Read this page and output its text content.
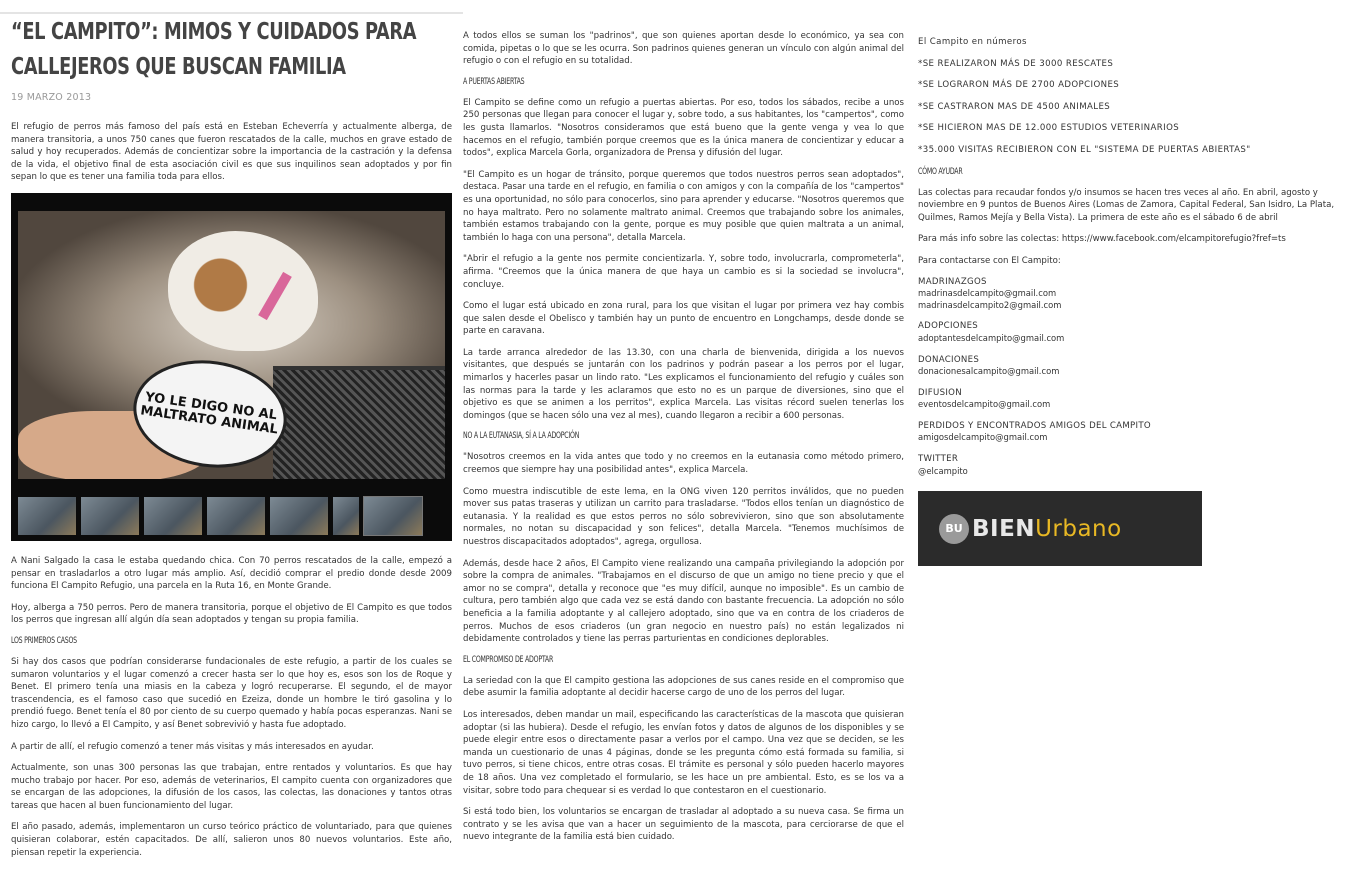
“EL CAMPITO”: MIMOS Y CUIDADOS PARA CALLEJEROS QUE BUSCAN FAMILIA
19 MARZO 2013

El refugio de perros más famoso del país está en Esteban Echeverría y actualmente alberga, de manera transitoria, a unos 750 canes que fueron rescatados de la calle, muchos en grave estado de salud y hoy recuperados. Además de concientizar sobre la importancia de la castración y la defensa de la vida, el objetivo final de esta asociación civil es que sus inquilinos sean adoptados y por fin sepan lo que es tener una familia toda para ellos.

YO LE DIGO NO AL MALTRATO ANIMAL

A Nani Salgado la casa le estaba quedando chica. Con 70 perros rescatados de la calle, empezó a pensar en trasladarlos a otro lugar más amplio. Así, decidió comprar el predio donde desde 2009 funciona El Campito Refugio, una parcela en la Ruta 16, en Monte Grande.

Hoy, alberga a 750 perros. Pero de manera transitoria, porque el objetivo de El Campito es que todos los perros que ingresan allí algún día sean adoptados y tengan su propia familia.

LOS PRIMEROS CASOS

Si hay dos casos que podrían considerarse fundacionales de este refugio, a partir de los cuales se sumaron voluntarios y el lugar comenzó a crecer hasta ser lo que hoy es, esos son los de Roque y Benet. El primero tenía una miasis en la cabeza y logró recuperarse. El segundo, el de mayor trascendencia, es el famoso caso que sucedió en Ezeiza, donde un hombre le tiró gasolina y lo prendió fuego. Benet tenía el 80 por ciento de su cuerpo quemado y había pocas esperanzas. Nani se hizo cargo, lo llevó a El Campito, y así Benet sobrevivió y hasta fue adoptado.

A partir de allí, el refugio comenzó a tener más visitas y más interesados en ayudar.

Actualmente, son unas 300 personas las que trabajan, entre rentados y voluntarios. Es que hay mucho trabajo por hacer. Por eso, además de veterinarios, El campito cuenta con organizadores que se encargan de las adopciones, la difusión de los casos, las colectas, las donaciones y tantos otras tareas que hacen al buen funcionamiento del lugar.

El año pasado, además, implementaron un curso teórico práctico de voluntariado, para que quienes quisieran colaborar, estén capacitados. De allí, salieron unos 80 nuevos voluntarios. Este año, piensan repetir la experiencia.

A todos ellos se suman los "padrinos", que son quienes aportan desde lo económico, ya sea con comida, pipetas o lo que se les ocurra. Son padrinos quienes generan un vínculo con algún animal del refugio o con el refugio en su totalidad.

A PUERTAS ABIERTAS

El Campito se define como un refugio a puertas abiertas. Por eso, todos los sábados, recibe a unos 250 personas que llegan para conocer el lugar y, sobre todo, a sus habitantes, los "campertos", como les gusta llamarlos. "Nosotros consideramos que está bueno que la gente venga y vea lo que hacemos en el refugio, también porque creemos que es la única manera de concientizar y educar a todos", explica Marcela Gorla, organizadora de Prensa y difusión del lugar.

"El Campito es un hogar de tránsito, porque queremos que todos nuestros perros sean adoptados", destaca. Pasar una tarde en el refugio, en familia o con amigos y con la compañía de los "campertos" es una oportunidad, no sólo para conocerlos, sino para aprender y educarse. "Nosotros queremos que no haya maltrato. Pero no solamente maltrato animal. Creemos que trabajando sobre los animales, también estamos trabajando con la gente, porque es muy posible que quien maltrata a un animal, también lo haga con una persona", detalla Marcela.

"Abrir el refugio a la gente nos permite concientizarla. Y, sobre todo, involucrarla, comprometerla", afirma. "Creemos que la única manera de que haya un cambio es si la sociedad se involucra", concluye.

Como el lugar está ubicado en zona rural, para los que visitan el lugar por primera vez hay combis que salen desde el Obelisco y también hay un punto de encuentro en Longchamps, desde donde se parte en caravana.

La tarde arranca alrededor de las 13.30, con una charla de bienvenida, dirigida a los nuevos visitantes, que después se juntarán con los padrinos y podrán pasear a los perros por el lugar, mimarlos y hacerles pasar un lindo rato. "Les explicamos el funcionamiento del refugio y cuáles son las normas para la tarde y les aclaramos que esto no es un parque de diversiones, sino que el objetivo es que se animen a los perritos", explica Marcela. Las visitas récord suelen tenerlas los domingos (que se hacen sólo una vez al mes), cuando llegaron a recibir a 600 personas.

NO A LA EUTANASIA, SÍ A LA ADOPCIÓN

"Nosotros creemos en la vida antes que todo y no creemos en la eutanasia como método primero, creemos que siempre hay una posibilidad antes", explica Marcela.

Como muestra indiscutible de este lema, en la ONG viven 120 perritos inválidos, que no pueden mover sus patas traseras y utilizan un carrito para trasladarse. "Todos ellos tenían un diagnóstico de eutanasia. Y la realidad es que estos perros no sólo sobrevivieron, sino que son absolutamente normales, no notan su discapacidad y son felices", detalla Marcela. "Tenemos muchísimos de nuestros discapacitados adoptados", agrega, orgullosa.

Además, desde hace 2 años, El Campito viene realizando una campaña privilegiando la adopción por sobre la compra de animales. "Trabajamos en el discurso de que un amigo no tiene precio y que el amor no se compra", detalla y reconoce que "es muy difícil, aunque no imposible". Es un cambio de cultura, pero también algo que cada vez se está dando con bastante frecuencia. La adopción no sólo beneficia a la familia adoptante y al callejero adoptado, sino que va en contra de los criaderos de perros. Muchos de esos criaderos (un gran negocio en nuestro país) no están legalizados ni debidamente controlados y tiene las perras parturientas en condiciones deplorables.

EL COMPROMISO DE ADOPTAR

La seriedad con la que El campito gestiona las adopciones de sus canes reside en el compromiso que debe asumir la familia adoptante al decidir hacerse cargo de uno de los perros del lugar.

Los interesados, deben mandar un mail, especificando las características de la mascota que quisieran adoptar (si las hubiera). Desde el refugio, les envían fotos y datos de algunos de los disponibles y se puede elegir entre esos o directamente pasar a verlos por el campo. Una vez que se deciden, se les manda un cuestionario de unas 4 páginas, donde se les pregunta cómo está formada su familia, si tuvo perros, si tiene chicos, entre otras cosas. El trámite es personal y sólo pueden hacerlo mayores de 18 años. Una vez completado el formulario, se les hace un pre ambiental. Esto, es se los va a visitar, sobre todo para chequear si es verdad lo que contestaron en el cuestionario.

Si está todo bien, los voluntarios se encargan de trasladar al adoptado a su nueva casa. Se firma un contrato y se les avisa que van a hacer un seguimiento de la mascota, para cerciorarse de que el nuevo integrante de la familia está bien cuidado.

El Campito en números
*SE REALIZARON MÁS DE 3000 RESCATES
*SE LOGRARON MÁS DE 2700 ADOPCIONES
*SE CASTRARON MAS DE 4500 ANIMALES
*SE HICIERON MAS DE 12.000 ESTUDIOS VETERINARIOS
*35.000 VISITAS RECIBIERON CON EL "SISTEMA DE PUERTAS ABIERTAS"
CÓMO AYUDAR

Las colectas para recaudar fondos y/o insumos se hacen tres veces al año. En abril, agosto y noviembre en 9 puntos de Buenos Aires (Lomas de Zamora, Capital Federal, San Isidro, La Plata, Quilmes, Ramos Mejía y Bella Vista). La primera de este año es el sábado 6 de abril

Para más info sobre las colectas: https://www.facebook.com/elcampitorefugio?fref=ts

Para contactarse con El Campito:

MADRINAZGOS
madrinasdelcampito@gmail.com
madrinasdelcampito2@gmail.com
ADOPCIONES
adoptantesdelcampito@gmail.com
DONACIONES
donacionesalcampito@gmail.com
DIFUSION
eventosdelcampito@gmail.com
PERDIDOS Y ENCONTRADOS AMIGOS DEL CAMPITO
amigosdelcampito@gmail.com
TWITTER
@elcampito
BU BIEN Urbano
